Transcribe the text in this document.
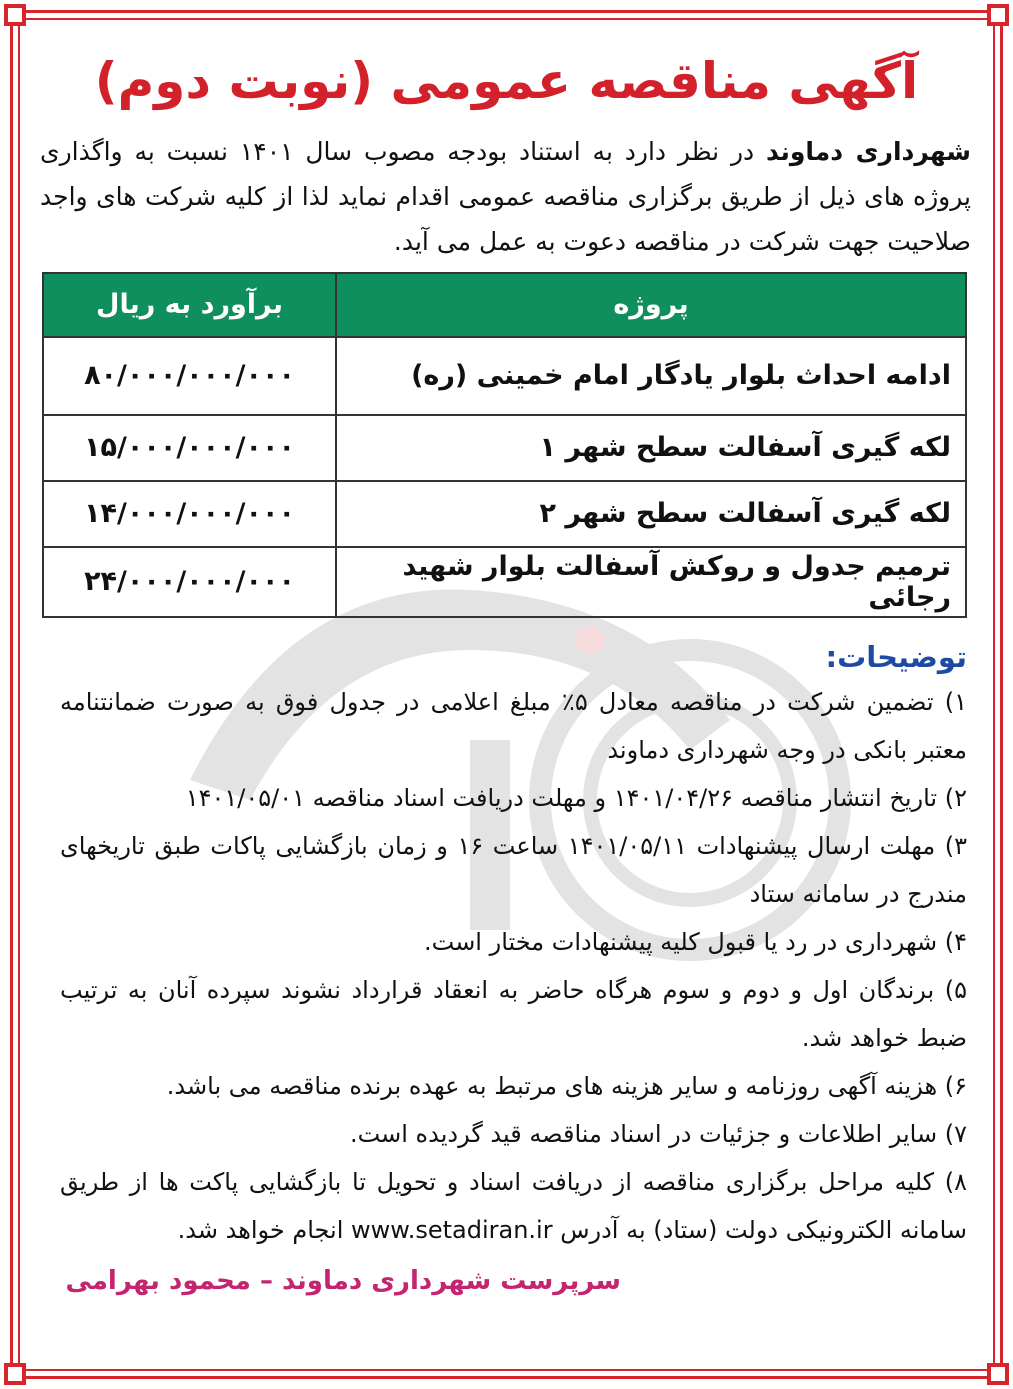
آگهی مناقصه عمومی (نوبت دوم)

شهرداری دماوند در نظر دارد به استناد بودجه مصوب سال ۱۴۰۱ نسبت به واگذاری پروژه های ذیل از طریق برگزاری مناقصه عمومی اقدام نماید لذا از کلیه شرکت های واجد صلاحیت جهت شرکت در مناقصه دعوت به عمل می آید.

پروژه	برآورد به ریال
ادامه احداث بلوار یادگار امام خمینی (ره)	۸۰/۰۰۰/۰۰۰/۰۰۰
لکه گیری آسفالت سطح شهر ۱	۱۵/۰۰۰/۰۰۰/۰۰۰
لکه گیری آسفالت سطح شهر ۲	۱۴/۰۰۰/۰۰۰/۰۰۰
ترمیم جدول و روکش آسفالت بلوار شهید رجائی	۲۴/۰۰۰/۰۰۰/۰۰۰
توضیحات:
۱) تضمین شرکت در مناقصه معادل ۵٪ مبلغ اعلامی در جدول فوق به صورت ضمانتنامه معتبر بانکی در وجه شهرداری دماوند
۲) تاریخ انتشار مناقصه ۱۴۰۱/۰۴/۲۶ و مهلت دریافت اسناد مناقصه ۱۴۰۱/۰۵/۰۱
۳) مهلت ارسال پیشنهادات ۱۴۰۱/۰۵/۱۱ ساعت ۱۶ و زمان بازگشایی پاکات طبق تاریخهای مندرج در سامانه ستاد
۴) شهرداری در رد یا قبول کلیه پیشنهادات مختار است.
۵) برندگان اول و دوم و سوم هرگاه حاضر به انعقاد قرارداد نشوند سپرده آنان به ترتیب ضبط خواهد شد.
۶) هزینه آگهی روزنامه و سایر هزینه های مرتبط به عهده برنده مناقصه می باشد.
۷) سایر اطلاعات و جزئیات در اسناد مناقصه قید گردیده است.
۸) کلیه مراحل برگزاری مناقصه از دریافت اسناد و تحویل تا بازگشایی پاکت ها از طریق سامانه الکترونیکی دولت (ستاد) به آدرس www.setadiran.ir انجام خواهد شد.
سرپرست شهرداری دماوند – محمود بهرامی
